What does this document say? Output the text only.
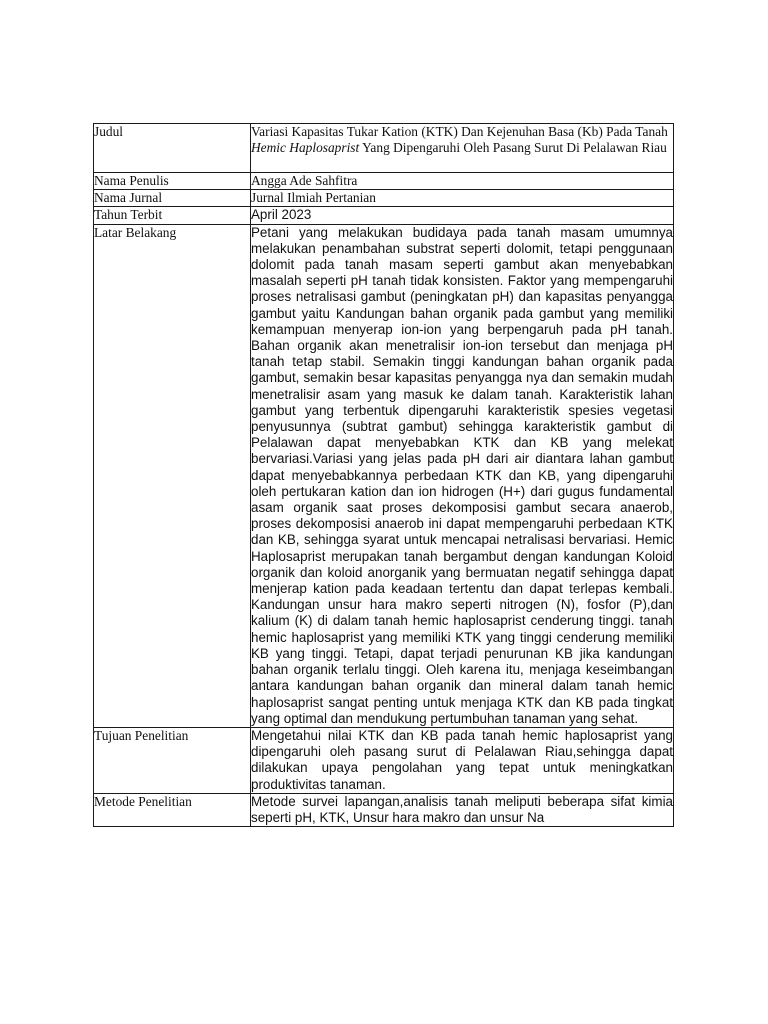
Judul	Variasi Kapasitas Tukar Kation (KTK) Dan Kejenuhan Basa (Kb) Pada Tanah Hemic Haplosaprist Yang Dipengaruhi Oleh Pasang Surut Di Pelalawan Riau
Nama Penulis	Angga Ade Sahfitra
Nama Jurnal	Jurnal Ilmiah Pertanian
Tahun Terbit	April 2023
Latar Belakang	Petani yang melakukan budidaya pada tanah masam umumnya melakukan penambahan substrat seperti dolomit, tetapi penggunaan dolomit pada tanah masam seperti gambut akan menyebabkan masalah seperti pH tanah tidak konsisten. Faktor yang mempengaruhi proses netralisasi gambut (peningkatan pH) dan kapasitas penyangga gambut yaitu Kandungan bahan organik pada gambut yang memiliki kemampuan menyerap ion-ion yang berpengaruh pada pH tanah. Bahan organik akan menetralisir ion-ion tersebut dan menjaga pH tanah tetap stabil. Semakin tinggi kandungan bahan organik pada gambut, semakin besar kapasitas penyangga nya dan semakin mudah menetralisir asam yang masuk ke dalam tanah. Karakteristik lahan gambut yang terbentuk dipengaruhi karakteristik spesies vegetasi penyusunnya (subtrat gambut) sehingga karakteristik gambut di Pelalawan dapat menyebabkan KTK dan KB yang melekat bervariasi.Variasi yang jelas pada pH dari air diantara lahan gambut dapat menyebabkannya perbedaan KTK dan KB, yang dipengaruhi oleh pertukaran kation dan ion hidrogen (H+) dari gugus fundamental asam organik saat proses dekomposisi gambut secara anaerob, proses dekomposisi anaerob ini dapat mempengaruhi perbedaan KTK dan KB, sehingga syarat untuk mencapai netralisasi bervariasi. Hemic Haplosaprist merupakan tanah bergambut dengan kandungan Koloid organik dan koloid anorganik yang bermuatan negatif sehingga dapat menjerap kation pada keadaan tertentu dan dapat terlepas kembali. Kandungan unsur hara makro seperti nitrogen (N), fosfor (P),dan kalium (K) di dalam tanah hemic haplosaprist cenderung tinggi. tanah hemic haplosaprist yang memiliki KTK yang tinggi cenderung memiliki KB yang tinggi. Tetapi, dapat terjadi penurunan KB jika kandungan bahan organik terlalu tinggi. Oleh karena itu, menjaga keseimbangan antara kandungan bahan organik dan mineral dalam tanah hemic haplosaprist sangat penting untuk menjaga KTK dan KB pada tingkat yang optimal dan mendukung pertumbuhan tanaman yang sehat.
Tujuan Penelitian	Mengetahui nilai KTK dan KB pada tanah hemic haplosaprist yang dipengaruhi oleh pasang surut di Pelalawan Riau,sehingga dapat dilakukan upaya pengolahan yang tepat untuk meningkatkan produktivitas tanaman.
Metode Penelitian	Metode survei lapangan,analisis tanah meliputi beberapa sifat kimia seperti pH, KTK, Unsur hara makro dan unsur Na
